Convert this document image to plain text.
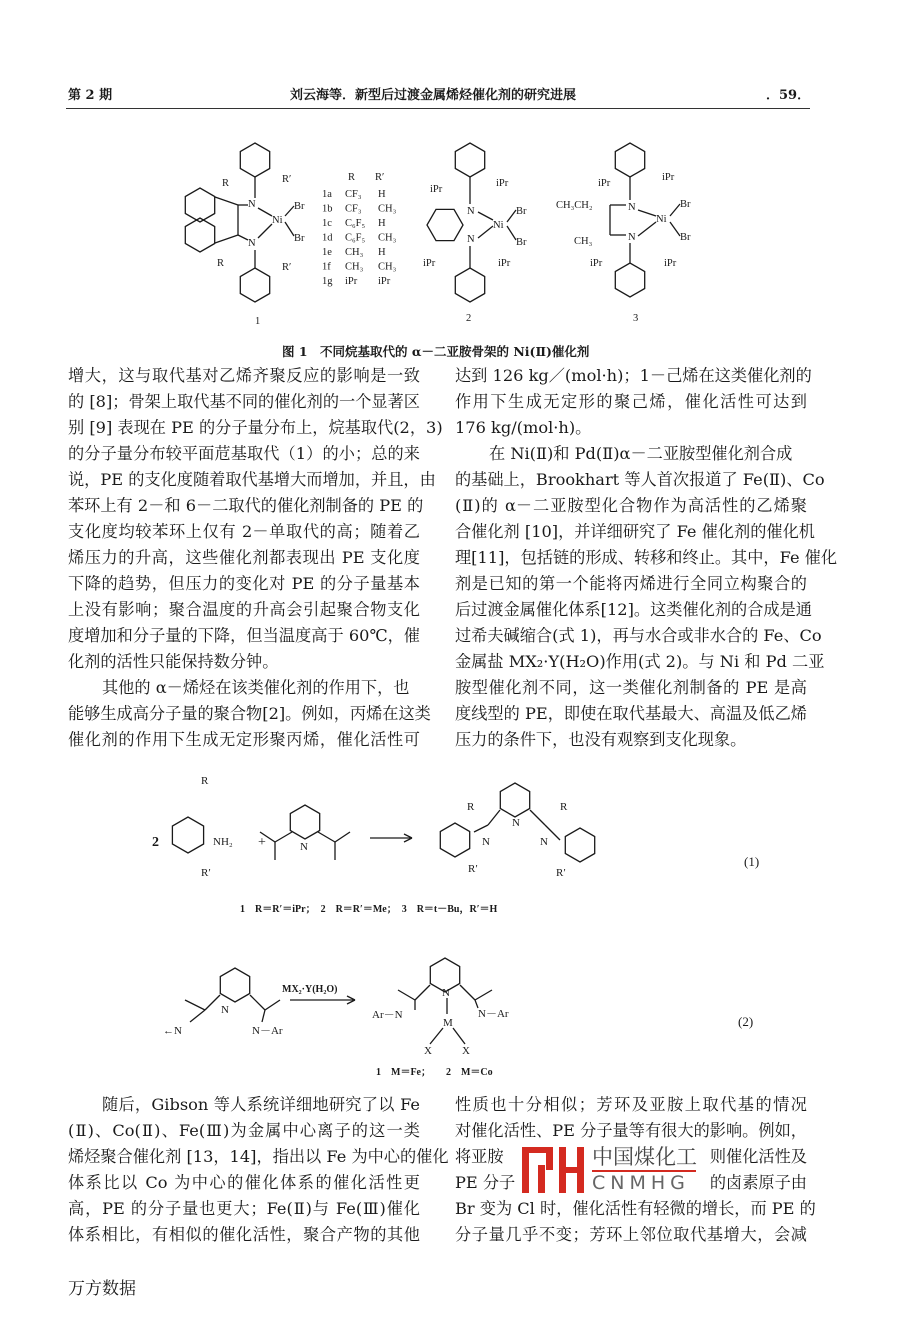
第 2 期	刘云海等．新型后过渡金属烯烃催化剂的研究进展	．59．
R	R′
N
N
Ni
Br
Br
R	R′
R R′
1a CF₃ H
1b CF₃ CH₃
1c C₆F₅ H
1d C₆F₅ CH₃
1e CH₃ H
1f CH₃ CH₃
1g iPr iPr
iPr
iPr
N
N
Ni
Br
Br
iPr	iPr
iPr
iPr
CH₃CH₂	N
N
CH₃
Ni
Br
Br
iPr	iPr
1	2	3
图 1　不同烷基取代的 α－二亚胺骨架的 Ni(Ⅱ)催化剂
增大，这与取代基对乙烯齐聚反应的影响是一致
的 [8]；骨架上取代基不同的催化剂的一个显著区
别 [9] 表现在 PE 的分子量分布上，烷基取代(2，3)
的分子量分布较平面苊基取代（1）的小；总的来
说，PE 的支化度随着取代基增大而增加，并且，由
苯环上有 2－和 6－二取代的催化剂制备的 PE 的
支化度均较苯环上仅有 2－单取代的高；随着乙
烯压力的升高，这些催化剂都表现出 PE 支化度
下降的趋势，但压力的变化对 PE 的分子量基本
上没有影响；聚合温度的升高会引起聚合物支化
度增加和分子量的下降，但当温度高于 60℃，催
化剂的活性只能保持数分钟。
其他的 α－烯烃在该类催化剂的作用下，也
能够生成高分子量的聚合物[2]。例如，丙烯在这类
催化剂的作用下生成无定形聚丙烯，催化活性可
达到 126 kg／(mol·h)；1－己烯在这类催化剂的
作用下生成无定形的聚己烯，催化活性可达到
176 kg/(mol·h)。
在 Ni(Ⅱ)和 Pd(Ⅱ)α－二亚胺型催化剂合成
的基础上，Brookhart 等人首次报道了 Fe(Ⅱ)、Co
(Ⅱ)的 α－二亚胺型化合物作为高活性的乙烯聚
合催化剂 [10]，并详细研究了 Fe 催化剂的催化机
理[11]，包括链的形成、转移和终止。其中，Fe 催化
剂是已知的第一个能将丙烯进行全同立构聚合的
后过渡金属催化体系[12]。这类催化剂的合成是通
过希夫碱缩合(式 1)，再与水合或非水合的 Fe、Co
金属盐 MX₂·Y(H₂O)作用(式 2)。与 Ni 和 Pd 二亚
胺型催化剂不同，这一类催化剂制备的 PE 是高
度线型的 PE，即使在取代基最大、高温及低乙烯
压力的条件下，也没有观察到支化现象。
2
R
NH₂
R′
+	N
R
N
N
N
R′
R
R′
(1)
1　R＝R′＝iPr；　2　R＝R′＝Me；　3　R＝t－Bu，R′＝H
MX₂·Y(H₂O)
←N
N
N－Ar
Ar－N
N
M
N－Ar
X	X
(2)
1　M＝Fe；　　2　M＝Co
随后，Gibson 等人系统详细地研究了以 Fe
(Ⅱ)、Co(Ⅱ)、Fe(Ⅲ)为金属中心离子的这一类
烯烃聚合催化剂 [13，14]，指出以 Fe 为中心的催化
体系比以 Co 为中心的催化体系的催化活性更
高，PE 的分子量也更大；Fe(Ⅱ)与 Fe(Ⅲ)催化
体系相比，有相似的催化活性，聚合产物的其他
性质也十分相似；芳环及亚胺上取代基的情况
对催化活性、PE 分子量等有很大的影响。例如，
将亚胺	则催化活性及
PE 分子	的卤素原子由
Br 变为 Cl 时，催化活性有轻微的增长，而 PE 的
分子量几乎不变；芳环上邻位取代基增大，会减
中国煤化工
CNMHG
万方数据
